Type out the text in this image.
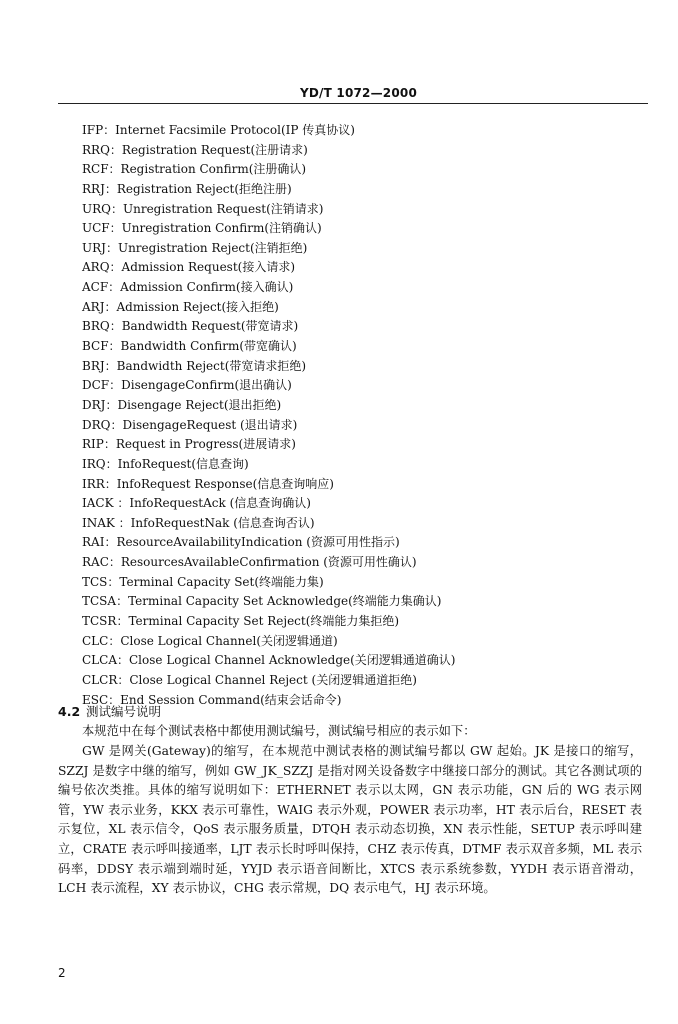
YD/T 1072—2000
IFP：Internet Facsimile Protocol(IP 传真协议)
RRQ：Registration Request(注册请求)
RCF：Registration Confirm(注册确认)
RRJ：Registration Reject(拒绝注册)
URQ：Unregistration Request(注销请求)
UCF：Unregistration Confirm(注销确认)
URJ：Unregistration Reject(注销拒绝)
ARQ：Admission Request(接入请求)
ACF：Admission Confirm(接入确认)
ARJ：Admission Reject(接入拒绝)
BRQ：Bandwidth Request(带宽请求)
BCF：Bandwidth Confirm(带宽确认)
BRJ：Bandwidth Reject(带宽请求拒绝)
DCF：DisengageConfirm(退出确认)
DRJ：Disengage Reject(退出拒绝)
DRQ：DisengageRequest (退出请求)
RIP：Request in Progress(进展请求)
IRQ：InfoRequest(信息查询)
IRR：InfoRequest Response(信息查询响应)
IACK ：InfoRequestAck (信息查询确认)
INAK ：InfoRequestNak (信息查询否认)
RAI：ResourceAvailabilityIndication (资源可用性指示)
RAC：ResourcesAvailableConfirmation (资源可用性确认)
TCS：Terminal Capacity Set(终端能力集)
TCSA：Terminal Capacity Set Acknowledge(终端能力集确认)
TCSR：Terminal Capacity Set Reject(终端能力集拒绝)
CLC：Close Logical Channel(关闭逻辑通道)
CLCA：Close Logical Channel Acknowledge(关闭逻辑通道确认)
CLCR：Close Logical Channel Reject (关闭逻辑通道拒绝)
ESC：End Session Command(结束会话命令)
4.2 测试编号说明

本规范中在每个测试表格中都使用测试编号，测试编号相应的表示如下：

GW 是网关(Gateway)的缩写，在本规范中测试表格的测试编号都以 GW 起始。JK 是接口的缩写，SZZJ 是数字中继的缩写，例如 GW_JK_SZZJ 是指对网关设备数字中继接口部分的测试。其它各测试项的编号依次类推。具体的缩写说明如下：ETHERNET 表示以太网，GN 表示功能，GN 后的 WG 表示网管，YW 表示业务，KKX 表示可靠性，WAIG 表示外观，POWER 表示功率，HT 表示后台，RESET 表示复位，XL 表示信令，QoS 表示服务质量，DTQH 表示动态切换，XN 表示性能，SETUP 表示呼叫建立，CRATE 表示呼叫接通率，LJT 表示长时呼叫保持，CHZ 表示传真，DTMF 表示双音多频，ML 表示码率，DDSY 表示端到端时延，YYJD 表示语音间断比，XTCS 表示系统参数，YYDH 表示语音滑动，LCH 表示流程，XY 表示协议，CHG 表示常规，DQ 表示电气，HJ 表示环境。

2
